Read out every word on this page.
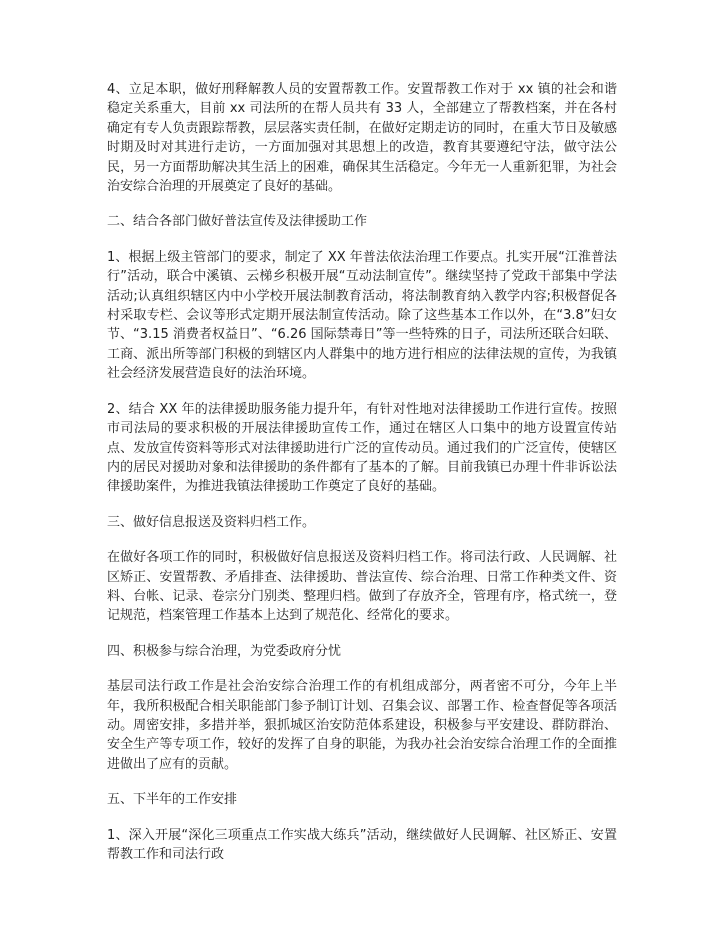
4、立足本职，做好刑释解教人员的安置帮教工作。安置帮教工作对于 xx 镇的社会和谐稳定关系重大，目前 xx 司法所的在帮人员共有 33 人，全部建立了帮教档案，并在各村确定有专人负责跟踪帮教，层层落实责任制，在做好定期走访的同时，在重大节日及敏感时期及时对其进行走访，一方面加强对其思想上的改造，教育其要遵纪守法，做守法公民，另一方面帮助解决其生活上的困难，确保其生活稳定。今年无一人重新犯罪，为社会治安综合治理的开展奠定了良好的基础。

二、结合各部门做好普法宣传及法律援助工作

1、根据上级主管部门的要求，制定了 XX 年普法依法治理工作要点。扎实开展“江淮普法行”活动，联合中溪镇、云梯乡积极开展“互动法制宣传”。继续坚持了党政干部集中学法活动;认真组织辖区内中小学校开展法制教育活动，将法制教育纳入教学内容;积极督促各村采取专栏、会议等形式定期开展法制宣传活动。除了这些基本工作以外，在“3.8”妇女节、“3.15 消费者权益日”、“6.26 国际禁毒日”等一些特殊的日子，司法所还联合妇联、工商、派出所等部门积极的到辖区内人群集中的地方进行相应的法律法规的宣传，为我镇社会经济发展营造良好的法治环境。

2、结合 XX 年的法律援助服务能力提升年，有针对性地对法律援助工作进行宣传。按照市司法局的要求积极的开展法律援助宣传工作，通过在辖区人口集中的地方设置宣传站点、发放宣传资料等形式对法律援助进行广泛的宣传动员。通过我们的广泛宣传，使辖区内的居民对援助对象和法律援助的条件都有了基本的了解。目前我镇已办理十件非诉讼法律援助案件，为推进我镇法律援助工作奠定了良好的基础。

三、做好信息报送及资料归档工作。

在做好各项工作的同时，积极做好信息报送及资料归档工作。将司法行政、人民调解、社区矫正、安置帮教、矛盾排查、法律援助、普法宣传、综合治理、日常工作种类文件、资料、台帐、记录、卷宗分门别类、整理归档。做到了存放齐全，管理有序，格式统一，登记规范，档案管理工作基本上达到了规范化、经常化的要求。

四、积极参与综合治理，为党委政府分忧

基层司法行政工作是社会治安综合治理工作的有机组成部分，两者密不可分，今年上半年，我所积极配合相关职能部门参予制订计划、召集会议、部署工作、检查督促等各项活动。周密安排，多措并举，狠抓城区治安防范体系建设，积极参与平安建设、群防群治、安全生产等专项工作，较好的发挥了自身的职能，为我办社会治安综合治理工作的全面推进做出了应有的贡献。

五、下半年的工作安排

1、深入开展“深化三项重点工作实战大练兵”活动，继续做好人民调解、社区矫正、安置帮教工作和司法行政
